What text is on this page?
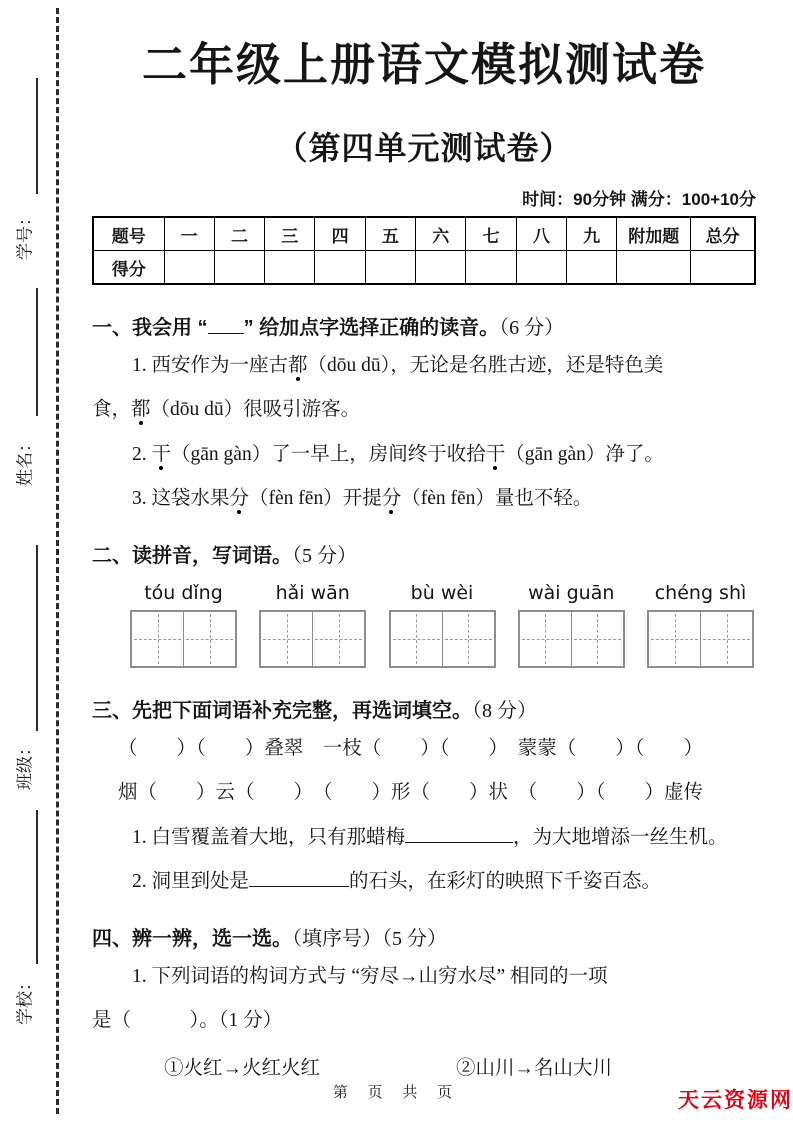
学号：
姓名：
班级：
学校：
二年级上册语文模拟测试卷
（第四单元测试卷）
时间：90分钟 满分：100+10分
题号	一	二	三	四	五	六	七	八	九	附加题	总分
得分											

一、我会用 “ ” 给加点字选择正确的读音。（6 分）

1. 西安作为一座古都（dōu dū），无论是名胜古迹，还是特色美

食，都（dōu dū）很吸引游客。

2. 干（gān gàn）了一早上，房间终于收拾干（gān gàn）净了。

3. 这袋水果分（fèn fēn）开提分（fèn fēn）量也不轻。

二、读拼音，写词语。（5 分）

tóu dǐng	hǎi wān	bù wèi	wài guān	chéng shì

三、先把下面词语补充完整，再选词填空。（8 分）

（　　）（　　）叠翠　一枝（　　）（　　）　蒙蒙（　　）（　　）

烟（　　）云（　　）　（　　）形（　　）状　（　　）（　　）虚传

1. 白雪覆盖着大地，只有那蜡梅	，为大地增添一丝生机。

2. 洞里到处是	的石头，在彩灯的映照下千姿百态。

四、辨一辨，选一选。（填序号）（5 分）

1. 下列词语的构词方式与 “穷尽→山穷水尽” 相同的一项

是（　　　）。（1 分）

①火红→火红火红	②山川→名山大川
第 页 共 页	天云资源网
